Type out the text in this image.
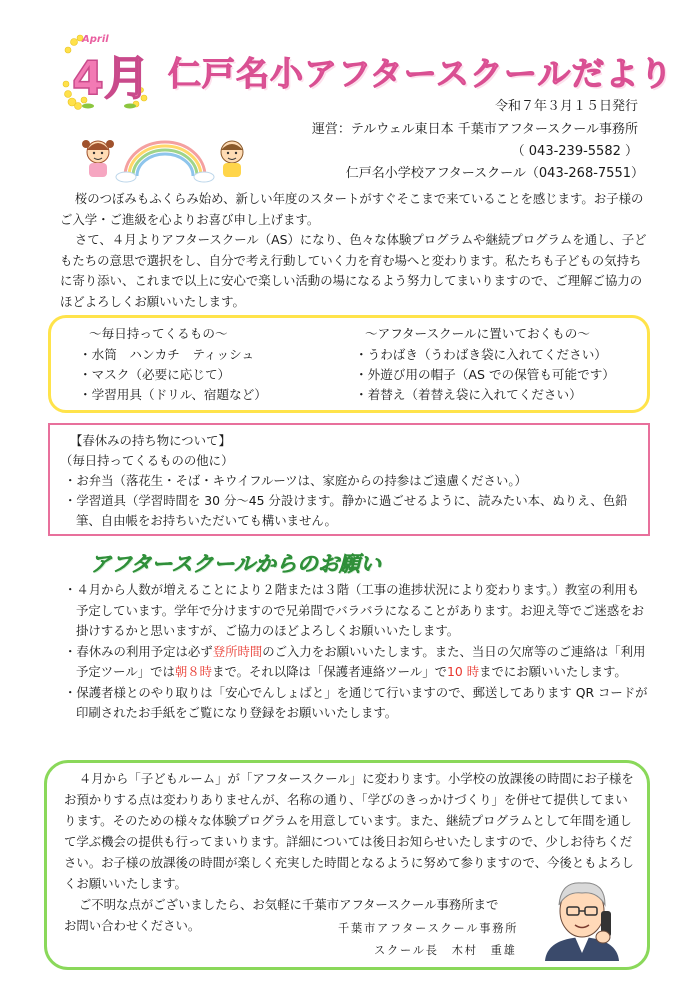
April
4月 仁戸名小アフタースクールだより
令和７年３月１５日発行
運営：テルウェル東日本 千葉市アフタースクール事務所
（ 043-239-5582 ）
仁戸名小学校アフタースクール（043-268-7551）

桜のつぼみもふくらみ始め、新しい年度のスタートがすぐそこまで来ていることを感じます。お子様のご入学・ご進級を心よりお喜び申し上げます。

さて、４月よりアフタースクール（AS）になり、色々な体験プログラムや継続プログラムを通し、子どもたちの意思で選択をし、自分で考え行動していく力を育む場へと変わります。私たちも子どもの気持ちに寄り添い、これまで以上に安心で楽しい活動の場になるよう努力してまいりますので、ご理解ご協力のほどよろしくお願いいたします。

～毎日持ってくるもの～
・水筒　ハンカチ　ティッシュ
・マスク（必要に応じて）
・学習用具（ドリル、宿題など）
～アフタースクールに置いておくもの～
・うわばき（うわばき袋に入れてください）
・外遊び用の帽子（AS での保管も可能です）
・着替え（着替え袋に入れてください）
【春休みの持ち物について】
（毎日持ってくるものの他に）
・お弁当（落花生・そば・キウイフルーツは、家庭からの持参はご遠慮ください。）
・学習道具（学習時間を 30 分～45 分設けます。静かに過ごせるように、読みたい本、ぬりえ、色鉛筆、自由帳をお持ちいただいても構いません。
アフタースクールからのお願い

・４月から人数が増えることにより２階または３階（工事の進捗状況により変わります。）教室の利用も予定しています。学年で分けますので兄弟間でバラバラになることがあります。お迎え等でご迷惑をお掛けするかと思いますが、ご協力のほどよろしくお願いいたします。

・春休みの利用予定は必ず登所時間のご入力をお願いいたします。また、当日の欠席等のご連絡は「利用予定ツール」では朝８時まで。それ以降は「保護者連絡ツール」で10 時までにお願いいたします。

・保護者様とのやり取りは「安心でんしょばと」を通じて行いますので、郵送してあります QR コードが印刷されたお手紙をご覧になり登録をお願いいたします。

４月から「子どもルーム」が「アフタースクール」に変わります。小学校の放課後の時間にお子様をお預かりする点は変わりありませんが、名称の通り、「学びのきっかけづくり」を併せて提供してまいります。そのための様々な体験プログラムを用意しています。また、継続プログラムとして年間を通して学ぶ機会の提供も行ってまいります。詳細については後日お知らせいたしますので、少しお待ちください。お子様の放課後の時間が楽しく充実した時間となるように努めて参りますので、今後ともよろしくお願いいたします。

ご不明な点がございましたら、お気軽に千葉市アフタースクール事務所まで

お問い合わせください。	千葉市アフタースクール事務所
スクール長　木村　重雄
